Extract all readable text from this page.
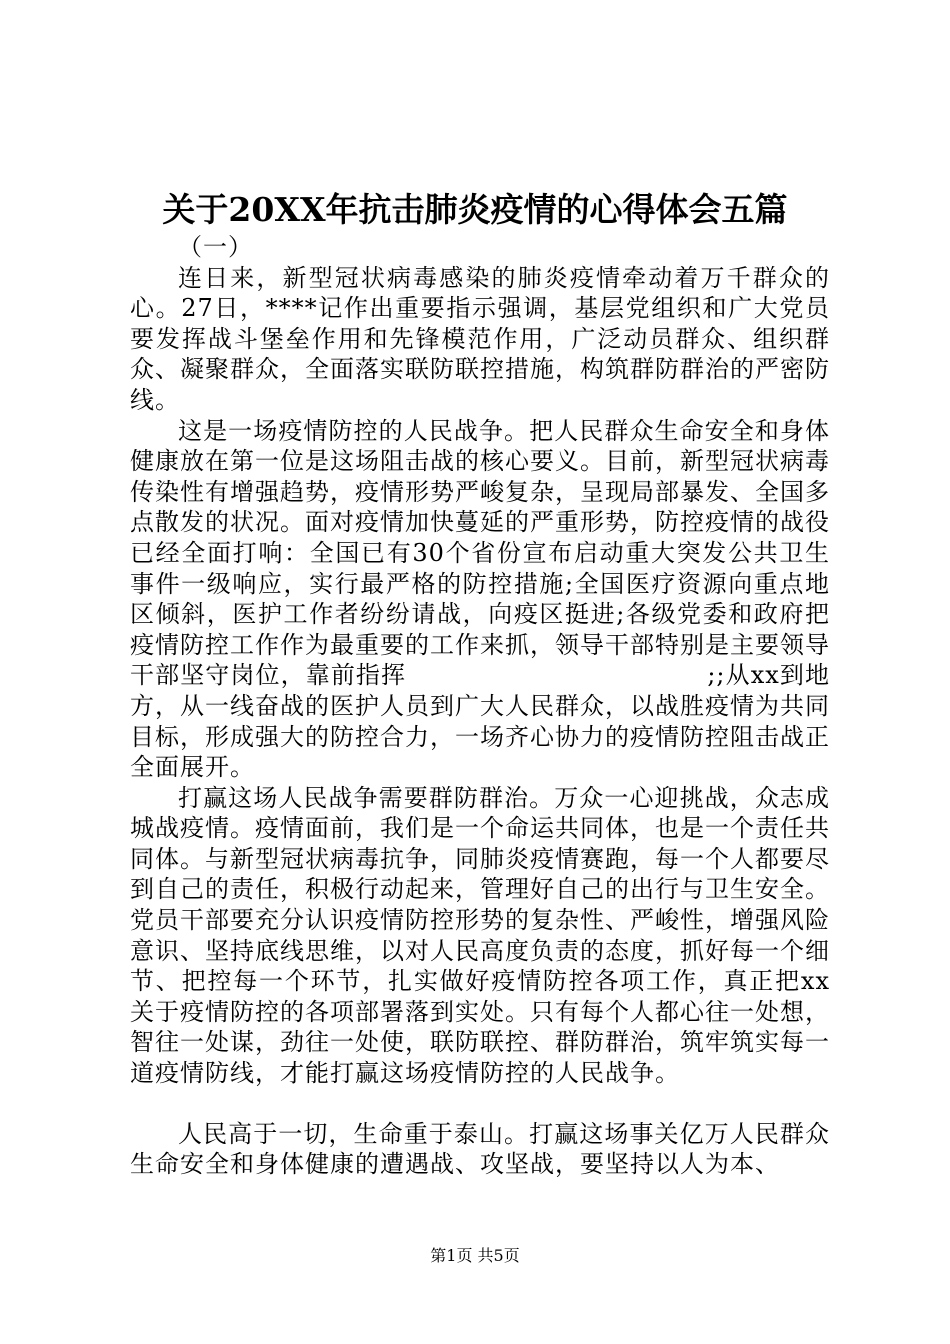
关于20XX年抗击肺炎疫情的心得体会五篇

（一）

连日来，新型冠状病毒感染的肺炎疫情牵动着万千群众的心。27日，****记作出重要指示强调，基层党组织和广大党员要发挥战斗堡垒作用和先锋模范作用，广泛动员群众、组织群众、凝聚群众，全面落实联防联控措施，构筑群防群治的严密防线。

这是一场疫情防控的人民战争。把人民群众生命安全和身体健康放在第一位是这场阻击战的核心要义。目前，新型冠状病毒传染性有增强趋势，疫情形势严峻复杂，呈现局部暴发、全国多点散发的状况。面对疫情加快蔓延的严重形势，防控疫情的战役已经全面打响：全国已有30个省份宣布启动重大突发公共卫生事件一级响应，实行最严格的防控措施;全国医疗资源向重点地区倾斜，医护工作者纷纷请战，向疫区挺进;各级党委和政府把疫情防控工作作为最重要的工作来抓，领导干部特别是主要领导干部坚守岗位，靠前指挥　　　　　　　　　　　　;;从xx到地方，从一线奋战的医护人员到广大人民群众，以战胜疫情为共同目标，形成强大的防控合力，一场齐心协力的疫情防控阻击战正全面展开。

打赢这场人民战争需要群防群治。万众一心迎挑战，众志成城战疫情。疫情面前，我们是一个命运共同体，也是一个责任共同体。与新型冠状病毒抗争，同肺炎疫情赛跑，每一个人都要尽到自己的责任，积极行动起来，管理好自己的出行与卫生安全。党员干部要充分认识疫情防控形势的复杂性、严峻性，增强风险意识、坚持底线思维，以对人民高度负责的态度，抓好每一个细节、把控每一个环节，扎实做好疫情防控各项工作，真正把xx关于疫情防控的各项部署落到实处。只有每个人都心往一处想，智往一处谋，劲往一处使，联防联控、群防群治，筑牢筑实每一道疫情防线，才能打赢这场疫情防控的人民战争。

人民高于一切，生命重于泰山。打赢这场事关亿万人民群众生命安全和身体健康的遭遇战、攻坚战，要坚持以人为本、

第1页 共5页
